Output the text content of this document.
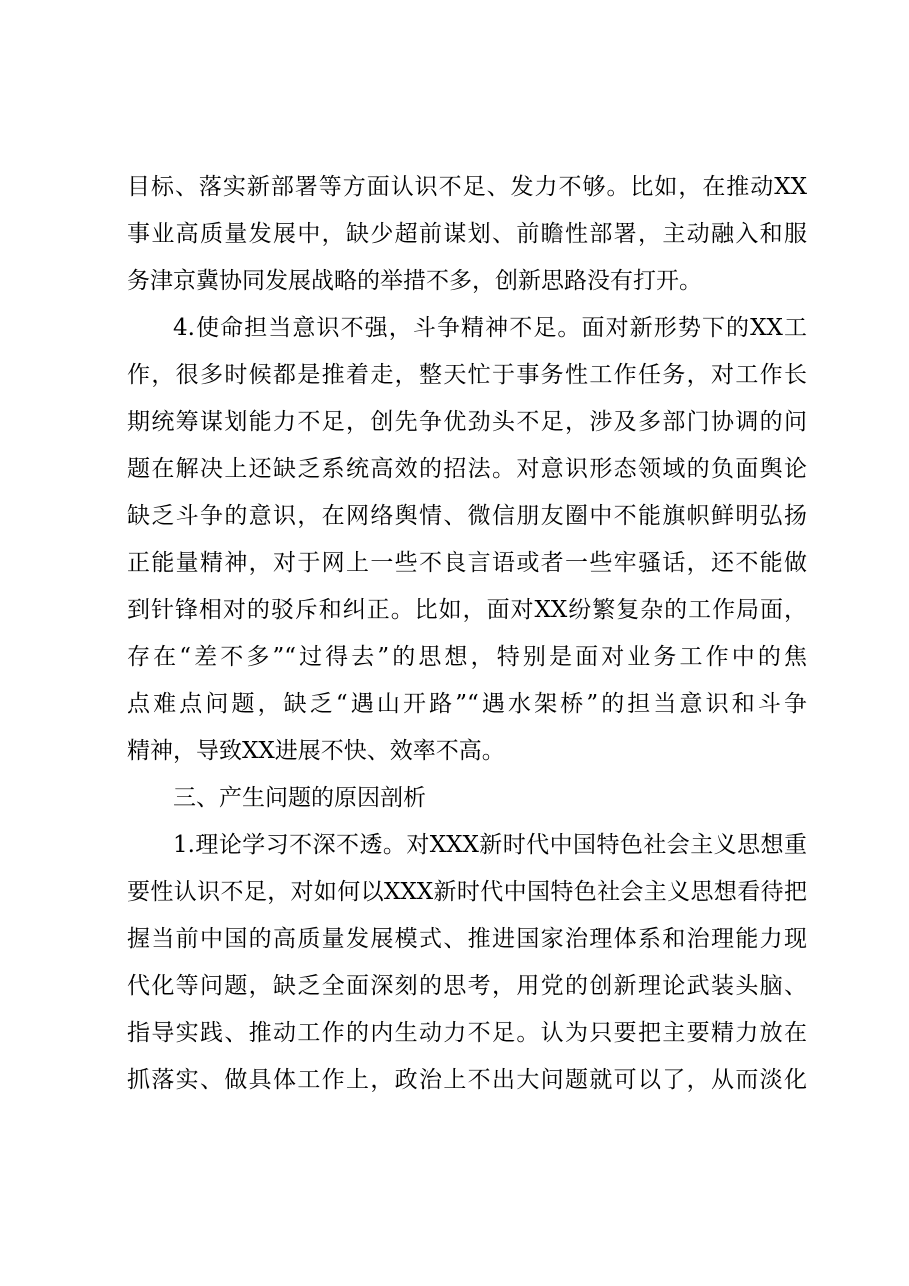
目标、落实新部署等方面认识不足、发力不够。比如，在推动XX
事业高质量发展中，缺少超前谋划、前瞻性部署，主动融入和服
务津京冀协同发展战略的举措不多，创新思路没有打开。
4.使命担当意识不强，斗争精神不足。面对新形势下的XX工
作，很多时候都是推着走，整天忙于事务性工作任务，对工作长
期统筹谋划能力不足，创先争优劲头不足，涉及多部门协调的问
题在解决上还缺乏系统高效的招法。对意识形态领域的负面舆论
缺乏斗争的意识，在网络舆情、微信朋友圈中不能旗帜鲜明弘扬
正能量精神，对于网上一些不良言语或者一些牢骚话，还不能做
到针锋相对的驳斥和纠正。比如，面对XX纷繁复杂的工作局面，
存在“差不多”“过得去”的思想，特别是面对业务工作中的焦
点难点问题，缺乏“遇山开路”“遇水架桥”的担当意识和斗争
精神，导致XX进展不快、效率不高。
三、产生问题的原因剖析
1.理论学习不深不透。对XXX新时代中国特色社会主义思想重
要性认识不足，对如何以XXX新时代中国特色社会主义思想看待把
握当前中国的高质量发展模式、推进国家治理体系和治理能力现
代化等问题，缺乏全面深刻的思考，用党的创新理论武装头脑、
指导实践、推动工作的内生动力不足。认为只要把主要精力放在
抓落实、做具体工作上，政治上不出大问题就可以了，从而淡化
